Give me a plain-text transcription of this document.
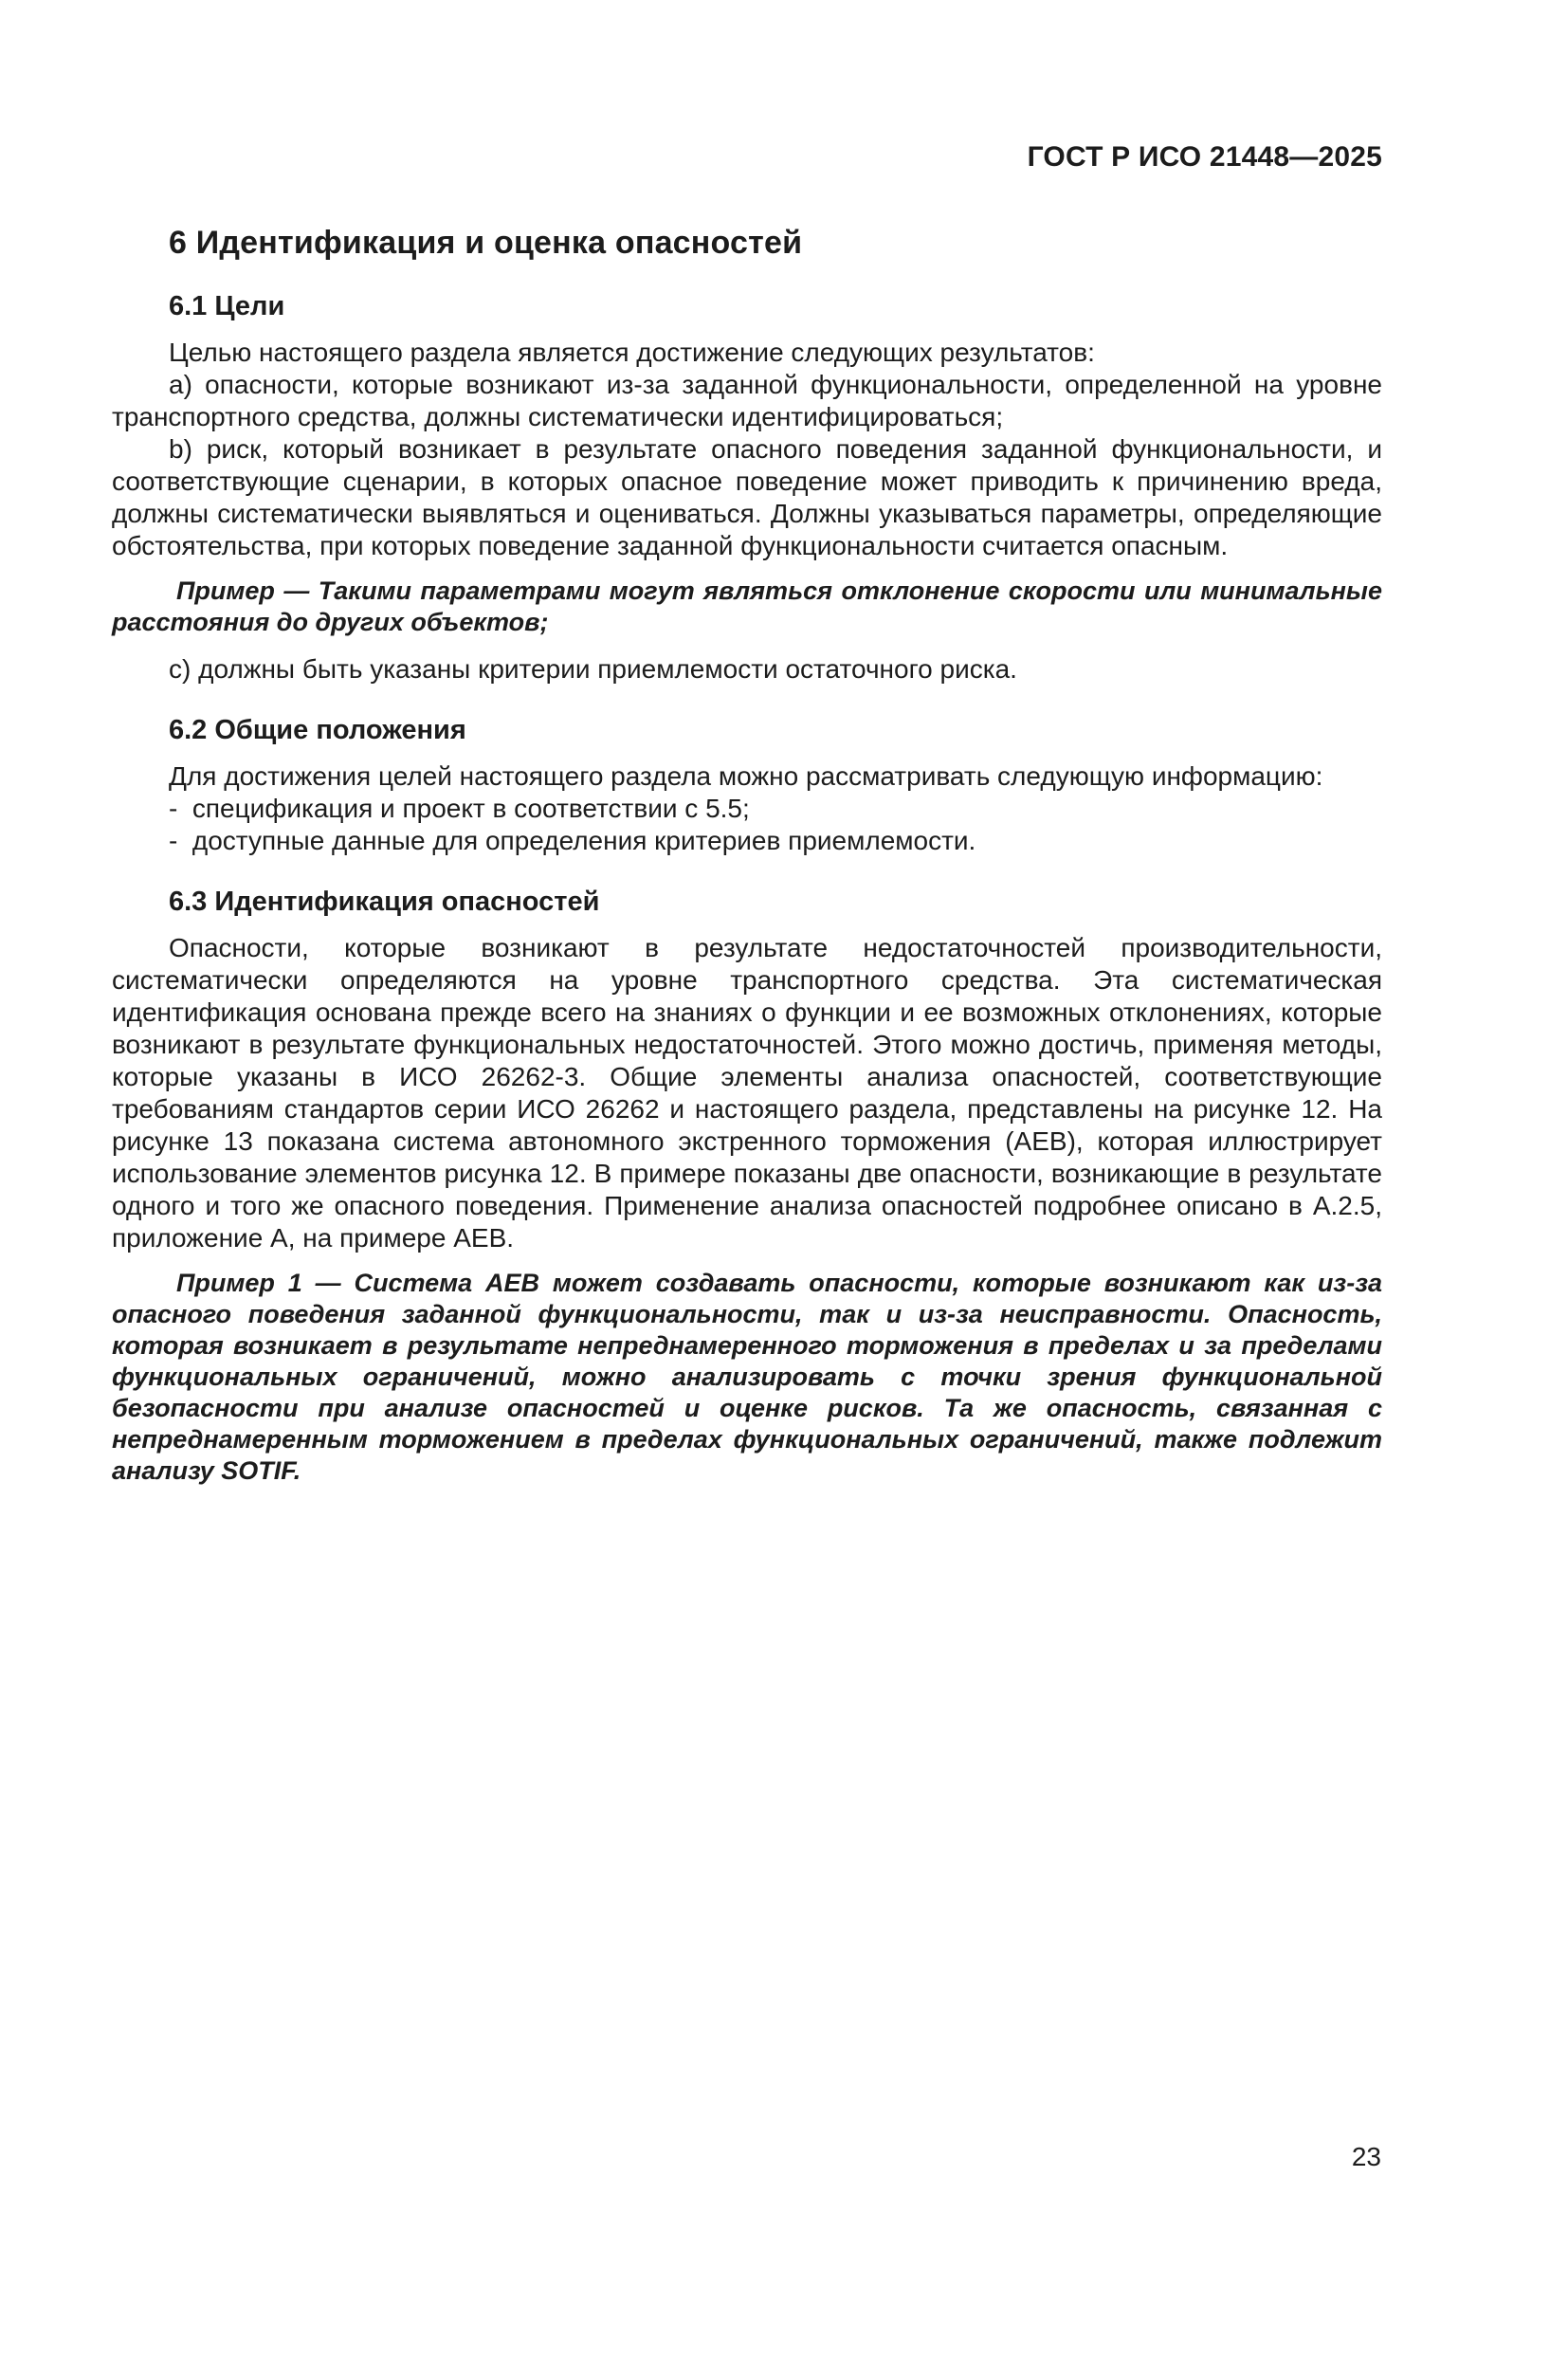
ГОСТ Р ИСО 21448—2025
6 Идентификация и оценка опасностей
6.1 Цели

Целью настоящего раздела является достижение следующих результатов:

a) опасности, которые возникают из-за заданной функциональности, определенной на уровне транспортного средства, должны систематически идентифицироваться;

b) риск, который возникает в результате опасного поведения заданной функциональности, и соответствующие сценарии, в которых опасное поведение может приводить к причинению вреда, должны систематически выявляться и оцениваться. Должны указываться параметры, определяющие обстоятельства, при которых поведение заданной функциональности считается опасным.

Пример — Такими параметрами могут являться отклонение скорости или минимальные расстояния до других объектов;

c) должны быть указаны критерии приемлемости остаточного риска.

6.2 Общие положения

Для достижения целей настоящего раздела можно рассматривать следующую информацию:

-  спецификация и проект в соответствии с 5.5;

-  доступные данные для определения критериев приемлемости.

6.3 Идентификация опасностей

Опасности, которые возникают в результате недостаточностей производительности, систематически определяются на уровне транспортного средства. Эта систематическая идентификация основана прежде всего на знаниях о функции и ее возможных отклонениях, которые возникают в результате функциональных недостаточностей. Этого можно достичь, применяя методы, которые указаны в ИСО 26262-3. Общие элементы анализа опасностей, соответствующие требованиям стандартов серии ИСО 26262 и настоящего раздела, представлены на рисунке 12. На рисунке 13 показана система автономного экстренного торможения (AEB), которая иллюстрирует использование элементов рисунка 12. В примере показаны две опасности, возникающие в результате одного и того же опасного поведения. Применение анализа опасностей подробнее описано в A.2.5, приложение A, на примере AEB.

Пример 1 — Система AEB может создавать опасности, которые возникают как из-за опасного поведения заданной функциональности, так и из-за неисправности. Опасность, которая возникает в результате непреднамеренного торможения в пределах и за пределами функциональных ограничений, можно анализировать с точки зрения функциональной безопасности при анализе опасностей и оценке рисков. Та же опасность, связанная с непреднамеренным торможением в пределах функциональных ограничений, также подлежит анализу SOTIF.

23
